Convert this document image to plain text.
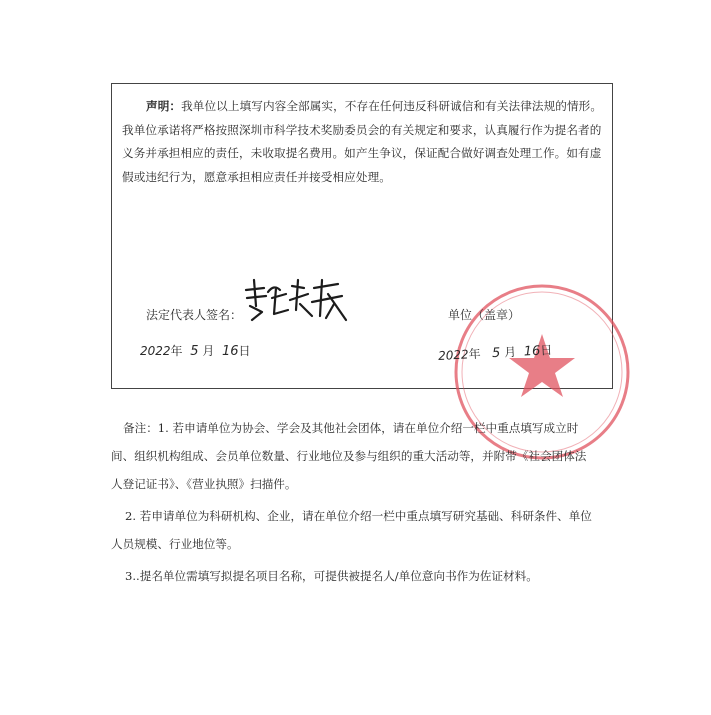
声明：我单位以上填写内容全部属实，不存在任何违反科研诚信和有关法律法规的情形。我单位承诺将严格按照深圳市科学技术奖励委员会的有关规定和要求，认真履行作为提名者的义务并承担相应的责任，未收取提名费用。如产生争议，保证配合做好调查处理工作。如有虚假或违纪行为，愿意承担相应责任并接受相应处理。
法定代表人签名：	单位（盖章）
2022年 5 月 16日	2022年 5 月 16日

备注：1. 若申请单位为协会、学会及其他社会团体，请在单位介绍一栏中重点填写成立时间、组织机构组成、会员单位数量、行业地位及参与组织的重大活动等，并附带《社会团体法人登记证书》、《营业执照》扫描件。

2. 若申请单位为科研机构、企业，请在单位介绍一栏中重点填写研究基础、科研条件、单位人员规模、行业地位等。

3..提名单位需填写拟提名项目名称，可提供被提名人/单位意向书作为佐证材料。
